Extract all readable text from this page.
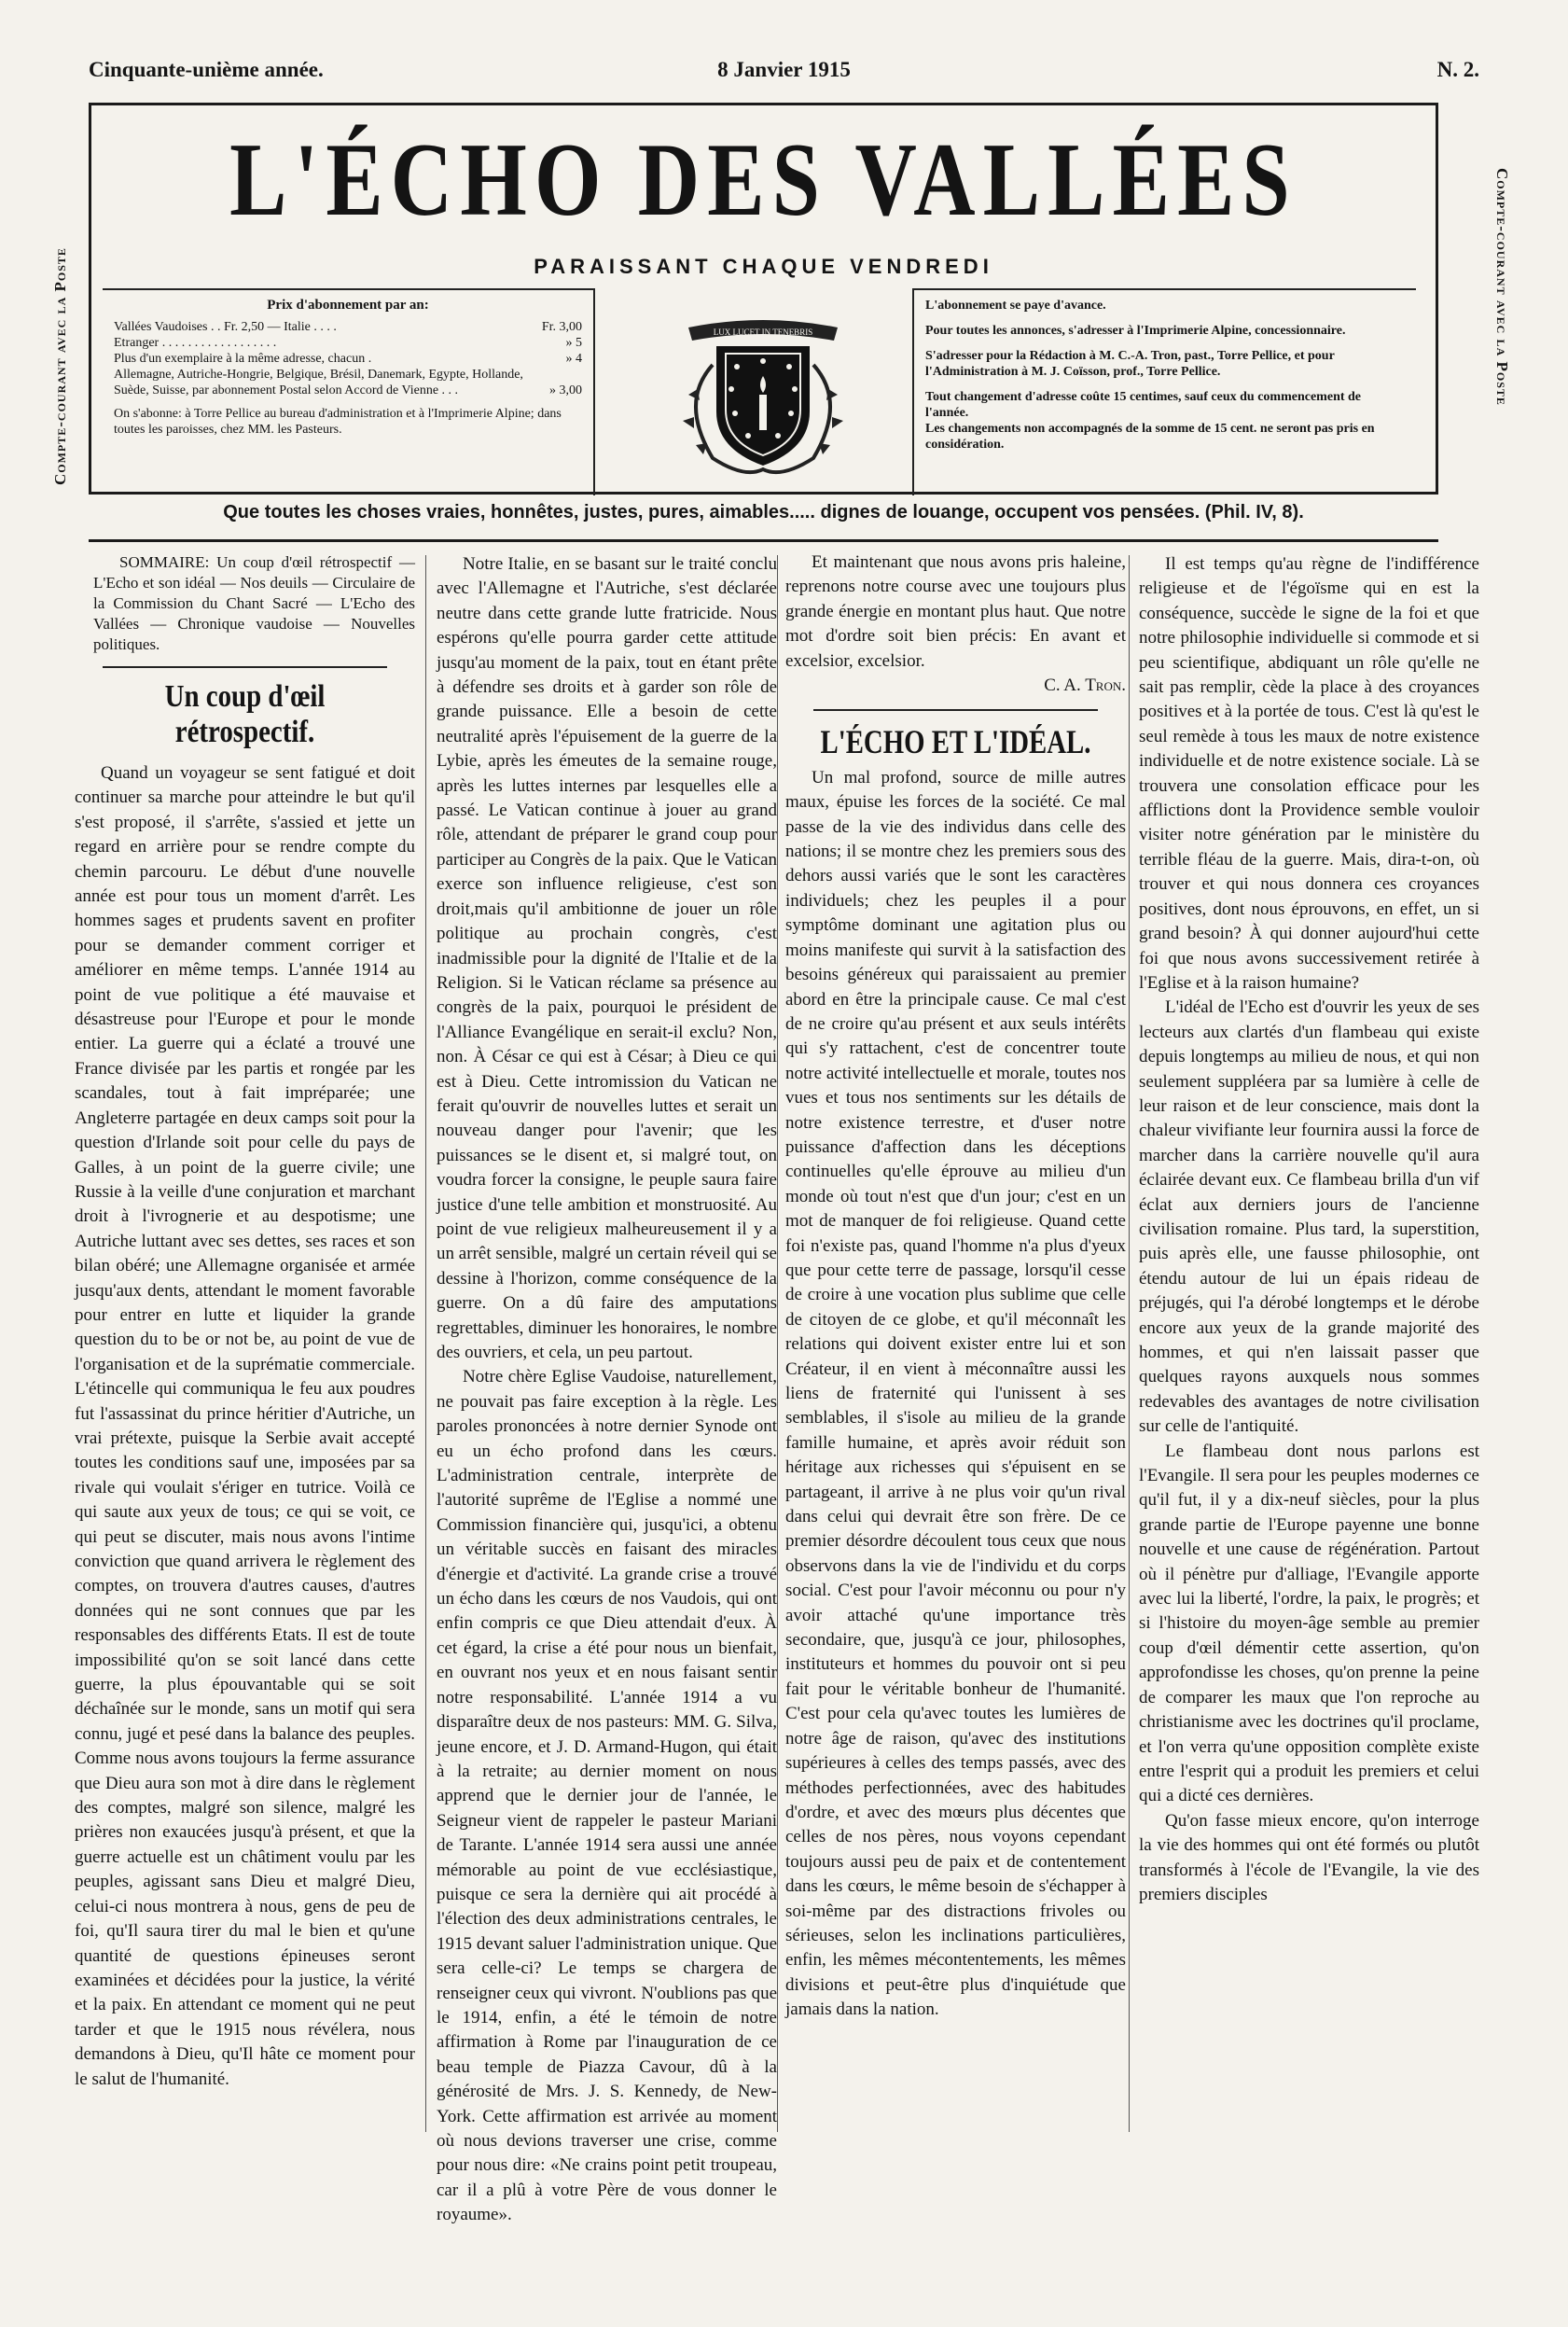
Cinquante-unième année.	8 Janvier 1915	N. 2.
Compte-courant avec la Poste	Compte-courant avec la Poste
L'ÉCHO DES VALLÉES
PARAISSANT CHAQUE VENDREDI
Prix d'abonnement par an:
Vallées Vaudoises . . Fr. 2,50 — Italie . . . .	Fr. 3,00
Etranger . . . . . . . . . . . . . . . . . .	» 5
Plus d'un exemplaire à la même adresse, chacun .	» 4
Allemagne, Autriche-Hongrie, Belgique, Brésil, Danemark, Egypte, Hollande, Suède, Suisse, par abonnement Postal selon Accord de Vienne . . .	» 3,00
On s'abonne: à Torre Pellice au bureau d'administration et à l'Imprimerie Alpine; dans toutes les paroisses, chez MM. les Pasteurs.
LUX LUCET IN TENEBRIS
L'abonnement se paye d'avance.
Pour toutes les annonces, s'adresser à l'Imprimerie Alpine, concessionnaire.
S'adresser pour la Rédaction à M. C.-A. Tron, past., Torre Pellice, et pour l'Administration à M. J. Coïsson, prof., Torre Pellice.
Tout changement d'adresse coûte 15 centimes, sauf ceux du commencement de l'année.
Les changements non accompagnés de la somme de 15 cent. ne seront pas pris en considération.
Que toutes les choses vraies, honnêtes, justes, pures, aimables..... dignes de louange, occupent vos pensées. (Phil. IV, 8).

SOMMAIRE: Un coup d'œil rétrospectif — L'Echo et son idéal — Nos deuils — Circulaire de la Commission du Chant Sacré — L'Echo des Vallées — Chronique vaudoise — Nouvelles politiques.

Un coup d'œil rétrospectif.

Quand un voyageur se sent fatigué et doit continuer sa marche pour atteindre le but qu'il s'est proposé, il s'arrête, s'assied et jette un regard en arrière pour se rendre compte du chemin parcouru. Le début d'une nouvelle année est pour tous un moment d'arrêt. Les hommes sages et prudents savent en profiter pour se demander comment corriger et améliorer en même temps. L'année 1914 au point de vue politique a été mauvaise et désastreuse pour l'Europe et pour le monde entier. La guerre qui a éclaté a trouvé une France divisée par les partis et rongée par les scandales, tout à fait impréparée; une Angleterre partagée en deux camps soit pour la question d'Irlande soit pour celle du pays de Galles, à un point de la guerre civile; une Russie à la veille d'une conjuration et marchant droit à l'ivrognerie et au despotisme; une Autriche luttant avec ses dettes, ses races et son bilan obéré; une Allemagne organisée et armée jusqu'aux dents, attendant le moment favorable pour entrer en lutte et liquider la grande question du to be or not be, au point de vue de l'organisation et de la suprématie commerciale. L'étincelle qui communiqua le feu aux poudres fut l'assassinat du prince héritier d'Autriche, un vrai prétexte, puisque la Serbie avait accepté toutes les conditions sauf une, imposées par sa rivale qui voulait s'ériger en tutrice. Voilà ce qui saute aux yeux de tous; ce qui se voit, ce qui peut se discuter, mais nous avons l'intime conviction que quand arrivera le règlement des comptes, on trouvera d'autres causes, d'autres données qui ne sont connues que par les responsables des différents Etats. Il est de toute impossibilité qu'on se soit lancé dans cette guerre, la plus épouvantable qui se soit déchaînée sur le monde, sans un motif qui sera connu, jugé et pesé dans la balance des peuples. Comme nous avons toujours la ferme assurance que Dieu aura son mot à dire dans le règlement des comptes, malgré son silence, malgré les prières non exaucées jusqu'à présent, et que la guerre actuelle est un châtiment voulu par les peuples, agissant sans Dieu et malgré Dieu, celui-ci nous montrera à nous, gens de peu de foi, qu'Il saura tirer du mal le bien et qu'une quantité de questions épineuses seront examinées et décidées pour la justice, la vérité et la paix. En attendant ce moment qui ne peut tarder et que le 1915 nous révélera, nous demandons à Dieu, qu'Il hâte ce moment pour le salut de l'humanité.

Notre Italie, en se basant sur le traité conclu avec l'Allemagne et l'Autriche, s'est déclarée neutre dans cette grande lutte fratricide. Nous espérons qu'elle pourra garder cette attitude jusqu'au moment de la paix, tout en étant prête à défendre ses droits et à garder son rôle de grande puissance. Elle a besoin de cette neutralité après l'épuisement de la guerre de la Lybie, après les émeutes de la semaine rouge, après les luttes internes par lesquelles elle a passé. Le Vatican continue à jouer au grand rôle, attendant de préparer le grand coup pour participer au Congrès de la paix. Que le Vatican exerce son influence religieuse, c'est son droit,mais qu'il ambitionne de jouer un rôle politique au prochain congrès, c'est inadmissible pour la dignité de l'Italie et de la Religion. Si le Vatican réclame sa présence au congrès de la paix, pourquoi le président de l'Alliance Evangélique en serait-il exclu? Non, non. À César ce qui est à César; à Dieu ce qui est à Dieu. Cette intromission du Vatican ne ferait qu'ouvrir de nouvelles luttes et serait un nouveau danger pour l'avenir; que les puissances se le disent et, si malgré tout, on voudra forcer la consigne, le peuple saura faire justice d'une telle ambition et monstruosité. Au point de vue religieux malheureusement il y a un arrêt sensible, malgré un certain réveil qui se dessine à l'horizon, comme conséquence de la guerre. On a dû faire des amputations regrettables, diminuer les honoraires, le nombre des ouvriers, et cela, un peu partout.

Notre chère Eglise Vaudoise, naturellement, ne pouvait pas faire exception à la règle. Les paroles prononcées à notre dernier Synode ont eu un écho profond dans les cœurs. L'administration centrale, interprète de l'autorité suprême de l'Eglise a nommé une Commission financière qui, jusqu'ici, a obtenu un véritable succès en faisant des miracles d'énergie et d'activité. La grande crise a trouvé un écho dans les cœurs de nos Vaudois, qui ont enfin compris ce que Dieu attendait d'eux. À cet égard, la crise a été pour nous un bienfait, en ouvrant nos yeux et en nous faisant sentir notre responsabilité. L'année 1914 a vu disparaître deux de nos pasteurs: MM. G. Silva, jeune encore, et J. D. Armand-Hugon, qui était à la retraite; au dernier moment on nous apprend que le dernier jour de l'année, le Seigneur vient de rappeler le pasteur Mariani de Tarante. L'année 1914 sera aussi une année mémorable au point de vue ecclésiastique, puisque ce sera la dernière qui ait procédé à l'élection des deux administrations centrales, le 1915 devant saluer l'administration unique. Que sera celle-ci? Le temps se chargera de renseigner ceux qui vivront. N'oublions pas que le 1914, enfin, a été le témoin de notre affirmation à Rome par l'inauguration de ce beau temple de Piazza Cavour, dû à la générosité de Mrs. J. S. Kennedy, de New-York. Cette affirmation est arrivée au moment où nous devions traverser une crise, comme pour nous dire: «Ne crains point petit troupeau, car il a plû à votre Père de vous donner le royaume».

Et maintenant que nous avons pris haleine, reprenons notre course avec une toujours plus grande énergie en montant plus haut. Que notre mot d'ordre soit bien précis: En avant et excelsior, excelsior.

C. A. Tron.

L'ÉCHO ET L'IDÉAL.

Un mal profond, source de mille autres maux, épuise les forces de la société. Ce mal passe de la vie des individus dans celle des nations; il se montre chez les premiers sous des dehors aussi variés que le sont les caractères individuels; chez les peuples il a pour symptôme dominant une agitation plus ou moins manifeste qui survit à la satisfaction des besoins généreux qui paraissaient au premier abord en être la principale cause. Ce mal c'est de ne croire qu'au présent et aux seuls intérêts qui s'y rattachent, c'est de concentrer toute notre activité intellectuelle et morale, toutes nos vues et tous nos sentiments sur les détails de notre existence terrestre, et d'user notre puissance d'affection dans les déceptions continuelles qu'elle éprouve au milieu d'un monde où tout n'est que d'un jour; c'est en un mot de manquer de foi religieuse. Quand cette foi n'existe pas, quand l'homme n'a plus d'yeux que pour cette terre de passage, lorsqu'il cesse de croire à une vocation plus sublime que celle de citoyen de ce globe, et qu'il méconnaît les relations qui doivent exister entre lui et son Créateur, il en vient à méconnaître aussi les liens de fraternité qui l'unissent à ses semblables, il s'isole au milieu de la grande famille humaine, et après avoir réduit son héritage aux richesses qui s'épuisent en se partageant, il arrive à ne plus voir qu'un rival dans celui qui devrait être son frère. De ce premier désordre découlent tous ceux que nous observons dans la vie de l'individu et du corps social. C'est pour l'avoir méconnu ou pour n'y avoir attaché qu'une importance très secondaire, que, jusqu'à ce jour, philosophes, instituteurs et hommes du pouvoir ont si peu fait pour le véritable bonheur de l'humanité. C'est pour cela qu'avec toutes les lumières de notre âge de raison, qu'avec des institutions supérieures à celles des temps passés, avec des méthodes perfectionnées, avec des habitudes d'ordre, et avec des mœurs plus décentes que celles de nos pères, nous voyons cependant toujours aussi peu de paix et de contentement dans les cœurs, le même besoin de s'échapper à soi-même par des distractions frivoles ou sérieuses, selon les inclinations particulières, enfin, les mêmes mécontentements, les mêmes divisions et peut-être plus d'inquiétude que jamais dans la nation.

Il est temps qu'au règne de l'indifférence religieuse et de l'égoïsme qui en est la conséquence, succède le signe de la foi et que notre philosophie individuelle si commode et si peu scientifique, abdiquant un rôle qu'elle ne sait pas remplir, cède la place à des croyances positives et à la portée de tous. C'est là qu'est le seul remède à tous les maux de notre existence individuelle et de notre existence sociale. Là se trouvera une consolation efficace pour les afflictions dont la Providence semble vouloir visiter notre génération par le ministère du terrible fléau de la guerre. Mais, dira-t-on, où trouver et qui nous donnera ces croyances positives, dont nous éprouvons, en effet, un si grand besoin? À qui donner aujourd'hui cette foi que nous avons successivement retirée à l'Eglise et à la raison humaine?

L'idéal de l'Echo est d'ouvrir les yeux de ses lecteurs aux clartés d'un flambeau qui existe depuis longtemps au milieu de nous, et qui non seulement suppléera par sa lumière à celle de leur raison et de leur conscience, mais dont la chaleur vivifiante leur fournira aussi la force de marcher dans la carrière nouvelle qu'il aura éclairée devant eux. Ce flambeau brilla d'un vif éclat aux derniers jours de l'ancienne civilisation romaine. Plus tard, la superstition, puis après elle, une fausse philosophie, ont étendu autour de lui un épais rideau de préjugés, qui l'a dérobé longtemps et le dérobe encore aux yeux de la grande majorité des hommes, et qui n'en laissait passer que quelques rayons auxquels nous sommes redevables des avantages de notre civilisation sur celle de l'antiquité.

Le flambeau dont nous parlons est l'Evangile. Il sera pour les peuples modernes ce qu'il fut, il y a dix-neuf siècles, pour la plus grande partie de l'Europe payenne une bonne nouvelle et une cause de régénération. Partout où il pénètre pur d'alliage, l'Evangile apporte avec lui la liberté, l'ordre, la paix, le progrès; et si l'histoire du moyen-âge semble au premier coup d'œil démentir cette assertion, qu'on approfondisse les choses, qu'on prenne la peine de comparer les maux que l'on reproche au christianisme avec les doctrines qu'il proclame, et l'on verra qu'une opposition complète existe entre l'esprit qui a produit les premiers et celui qui a dicté ces dernières.

Qu'on fasse mieux encore, qu'on interroge la vie des hommes qui ont été formés ou plutôt transformés à l'école de l'Evangile, la vie des premiers disciples
